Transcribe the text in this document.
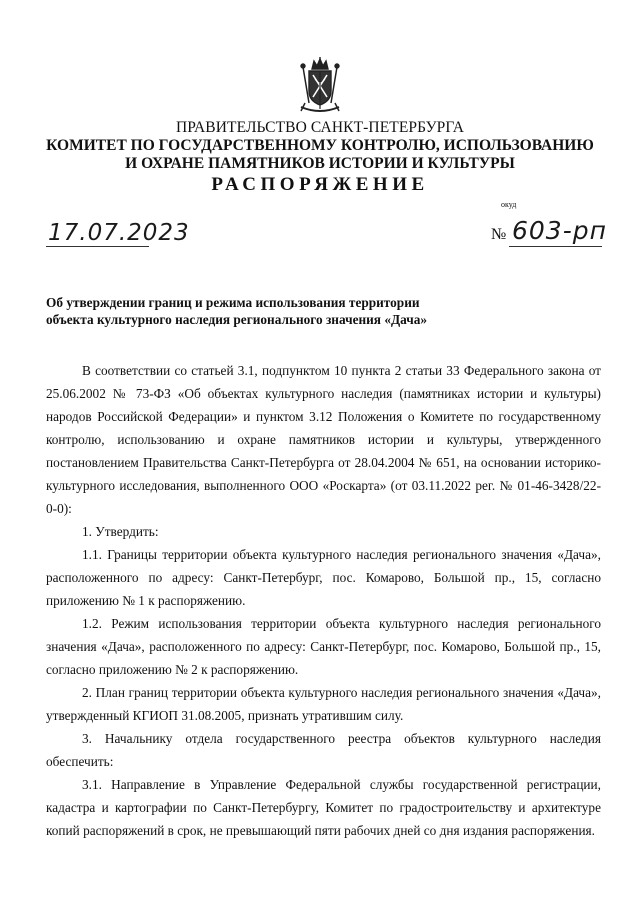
ПРАВИТЕЛЬСТВО САНКТ-ПЕТЕРБУРГА
КОМИТЕТ ПО ГОСУДАРСТВЕННОМУ КОНТРОЛЮ, ИСПОЛЬЗОВАНИЮ
И ОХРАНЕ ПАМЯТНИКОВ ИСТОРИИ И КУЛЬТУРЫ
РАСПОРЯЖЕНИЕ
окуд
17.07.2023	№ 603-рп
Об утверждении границ и режима использования территории
объекта культурного наследия регионального значения «Дача»

В соответствии со статьей 3.1, подпунктом 10 пункта 2 статьи 33 Федерального закона от 25.06.2002 № 73-ФЗ «Об объектах культурного наследия (памятниках истории и культуры) народов Российской Федерации» и пунктом 3.12 Положения о Комитете по государственному контролю, использованию и охране памятников истории и культуры, утвержденного постановлением Правительства Санкт-Петербурга от 28.04.2004 № 651, на основании историко-культурного исследования, выполненного ООО «Роскарта» (от 03.11.2022 рег. № 01-46-3428/22-0-0):

1. Утвердить:

1.1. Границы территории объекта культурного наследия регионального значения «Дача», расположенного по адресу: Санкт-Петербург, пос. Комарово, Большой пр., 15, согласно приложению № 1 к распоряжению.

1.2. Режим использования территории объекта культурного наследия регионального значения «Дача», расположенного по адресу: Санкт-Петербург, пос. Комарово, Большой пр., 15, согласно приложению № 2 к распоряжению.

2. План границ территории объекта культурного наследия регионального значения «Дача», утвержденный КГИОП 31.08.2005, признать утратившим силу.

3. Начальнику отдела государственного реестра объектов культурного наследия обеспечить:

3.1. Направление в Управление Федеральной службы государственной регистрации, кадастра и картографии по Санкт-Петербургу, Комитет по градостроительству и архитектуре копий распоряжений в срок, не превышающий пяти рабочих дней со дня издания распоряжения.
